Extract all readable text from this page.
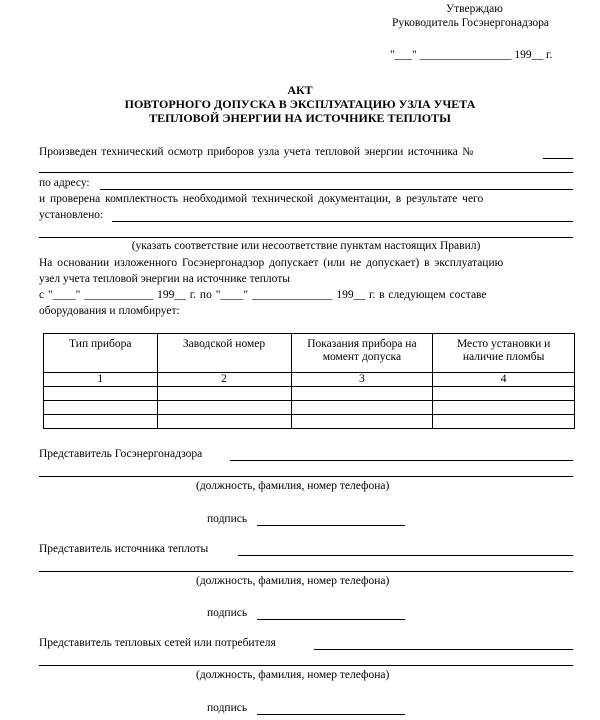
Утверждаю
Руководитель Госэнергонадзора
"___" ________________ 199__ г.
АКТ
ПОВТОРНОГО ДОПУСКА В ЭКСПЛУАТАЦИЮ УЗЛА УЧЕТА
ТЕПЛОВОЙ ЭНЕРГИИ НА ИСТОЧНИКЕ ТЕПЛОТЫ
Произведен технический осмотр приборов узла учета тепловой энергии источника №
по адресу:
и проверена комплектность необходимой технической документации, в результате чего
установлено:
(указать соответствие или несоответствие пунктам настоящих Правил)
На основании изложенного Госэнергонадзор допускает (или не допускает) в эксплуатацию
узел учета тепловой энергии на источнике теплоты
с "____" ____________ 199__ г. по "____" ______________ 199__ г. в следующем составе
оборудования и пломбирует:
Тип прибора	Заводской номер	Показания прибора на момент допуска	Место установки и наличие пломбы
1	2	3	4

Представитель Госэнергонадзора
(должность, фамилия, номер телефона)
подпись
Представитель источника теплоты
(должность, фамилия, номер телефона)
подпись
Представитель тепловых сетей или потребителя
(должность, фамилия, номер телефона)
подпись
